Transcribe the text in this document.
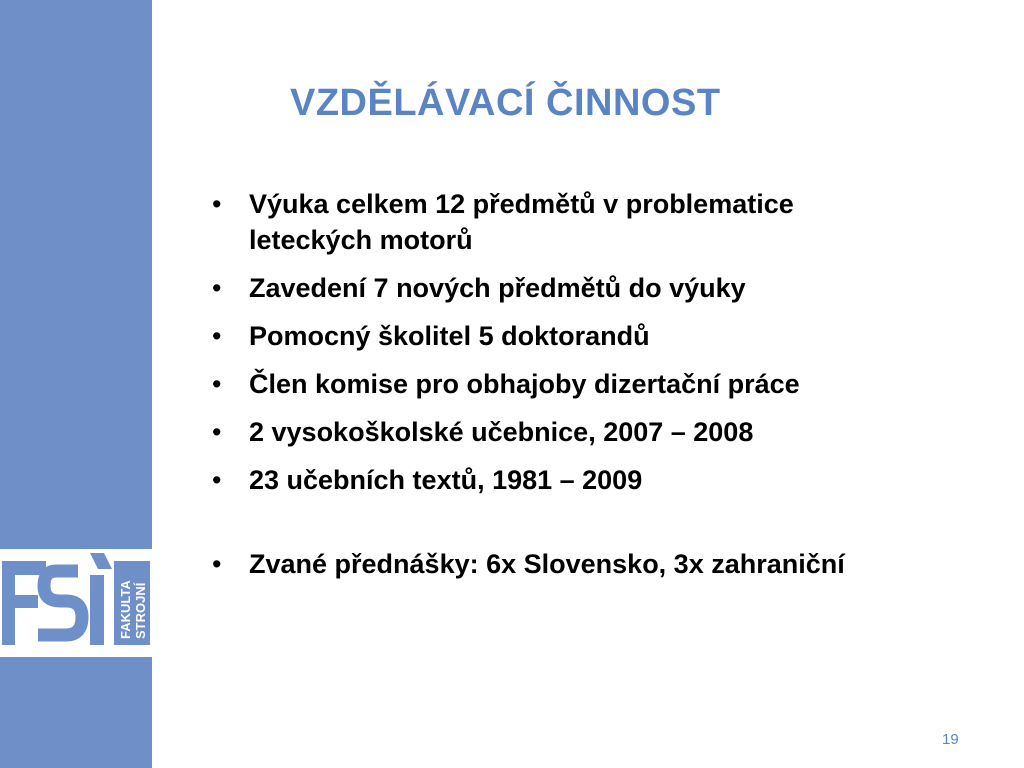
FAKULTA STROJNÍ
VZDĚLÁVACÍ ČINNOST
• Výuka celkem 12 předmětů v problematice leteckých motorů
• Zavedení 7 nových předmětů do výuky
• Pomocný školitel 5 doktorandů
• Člen komise pro obhajoby dizertační práce
• 2 vysokoškolské učebnice, 2007 – 2008
• 23 učebních textů, 1981 – 2009
• Zvané přednášky: 6x Slovensko, 3x zahraniční
19
